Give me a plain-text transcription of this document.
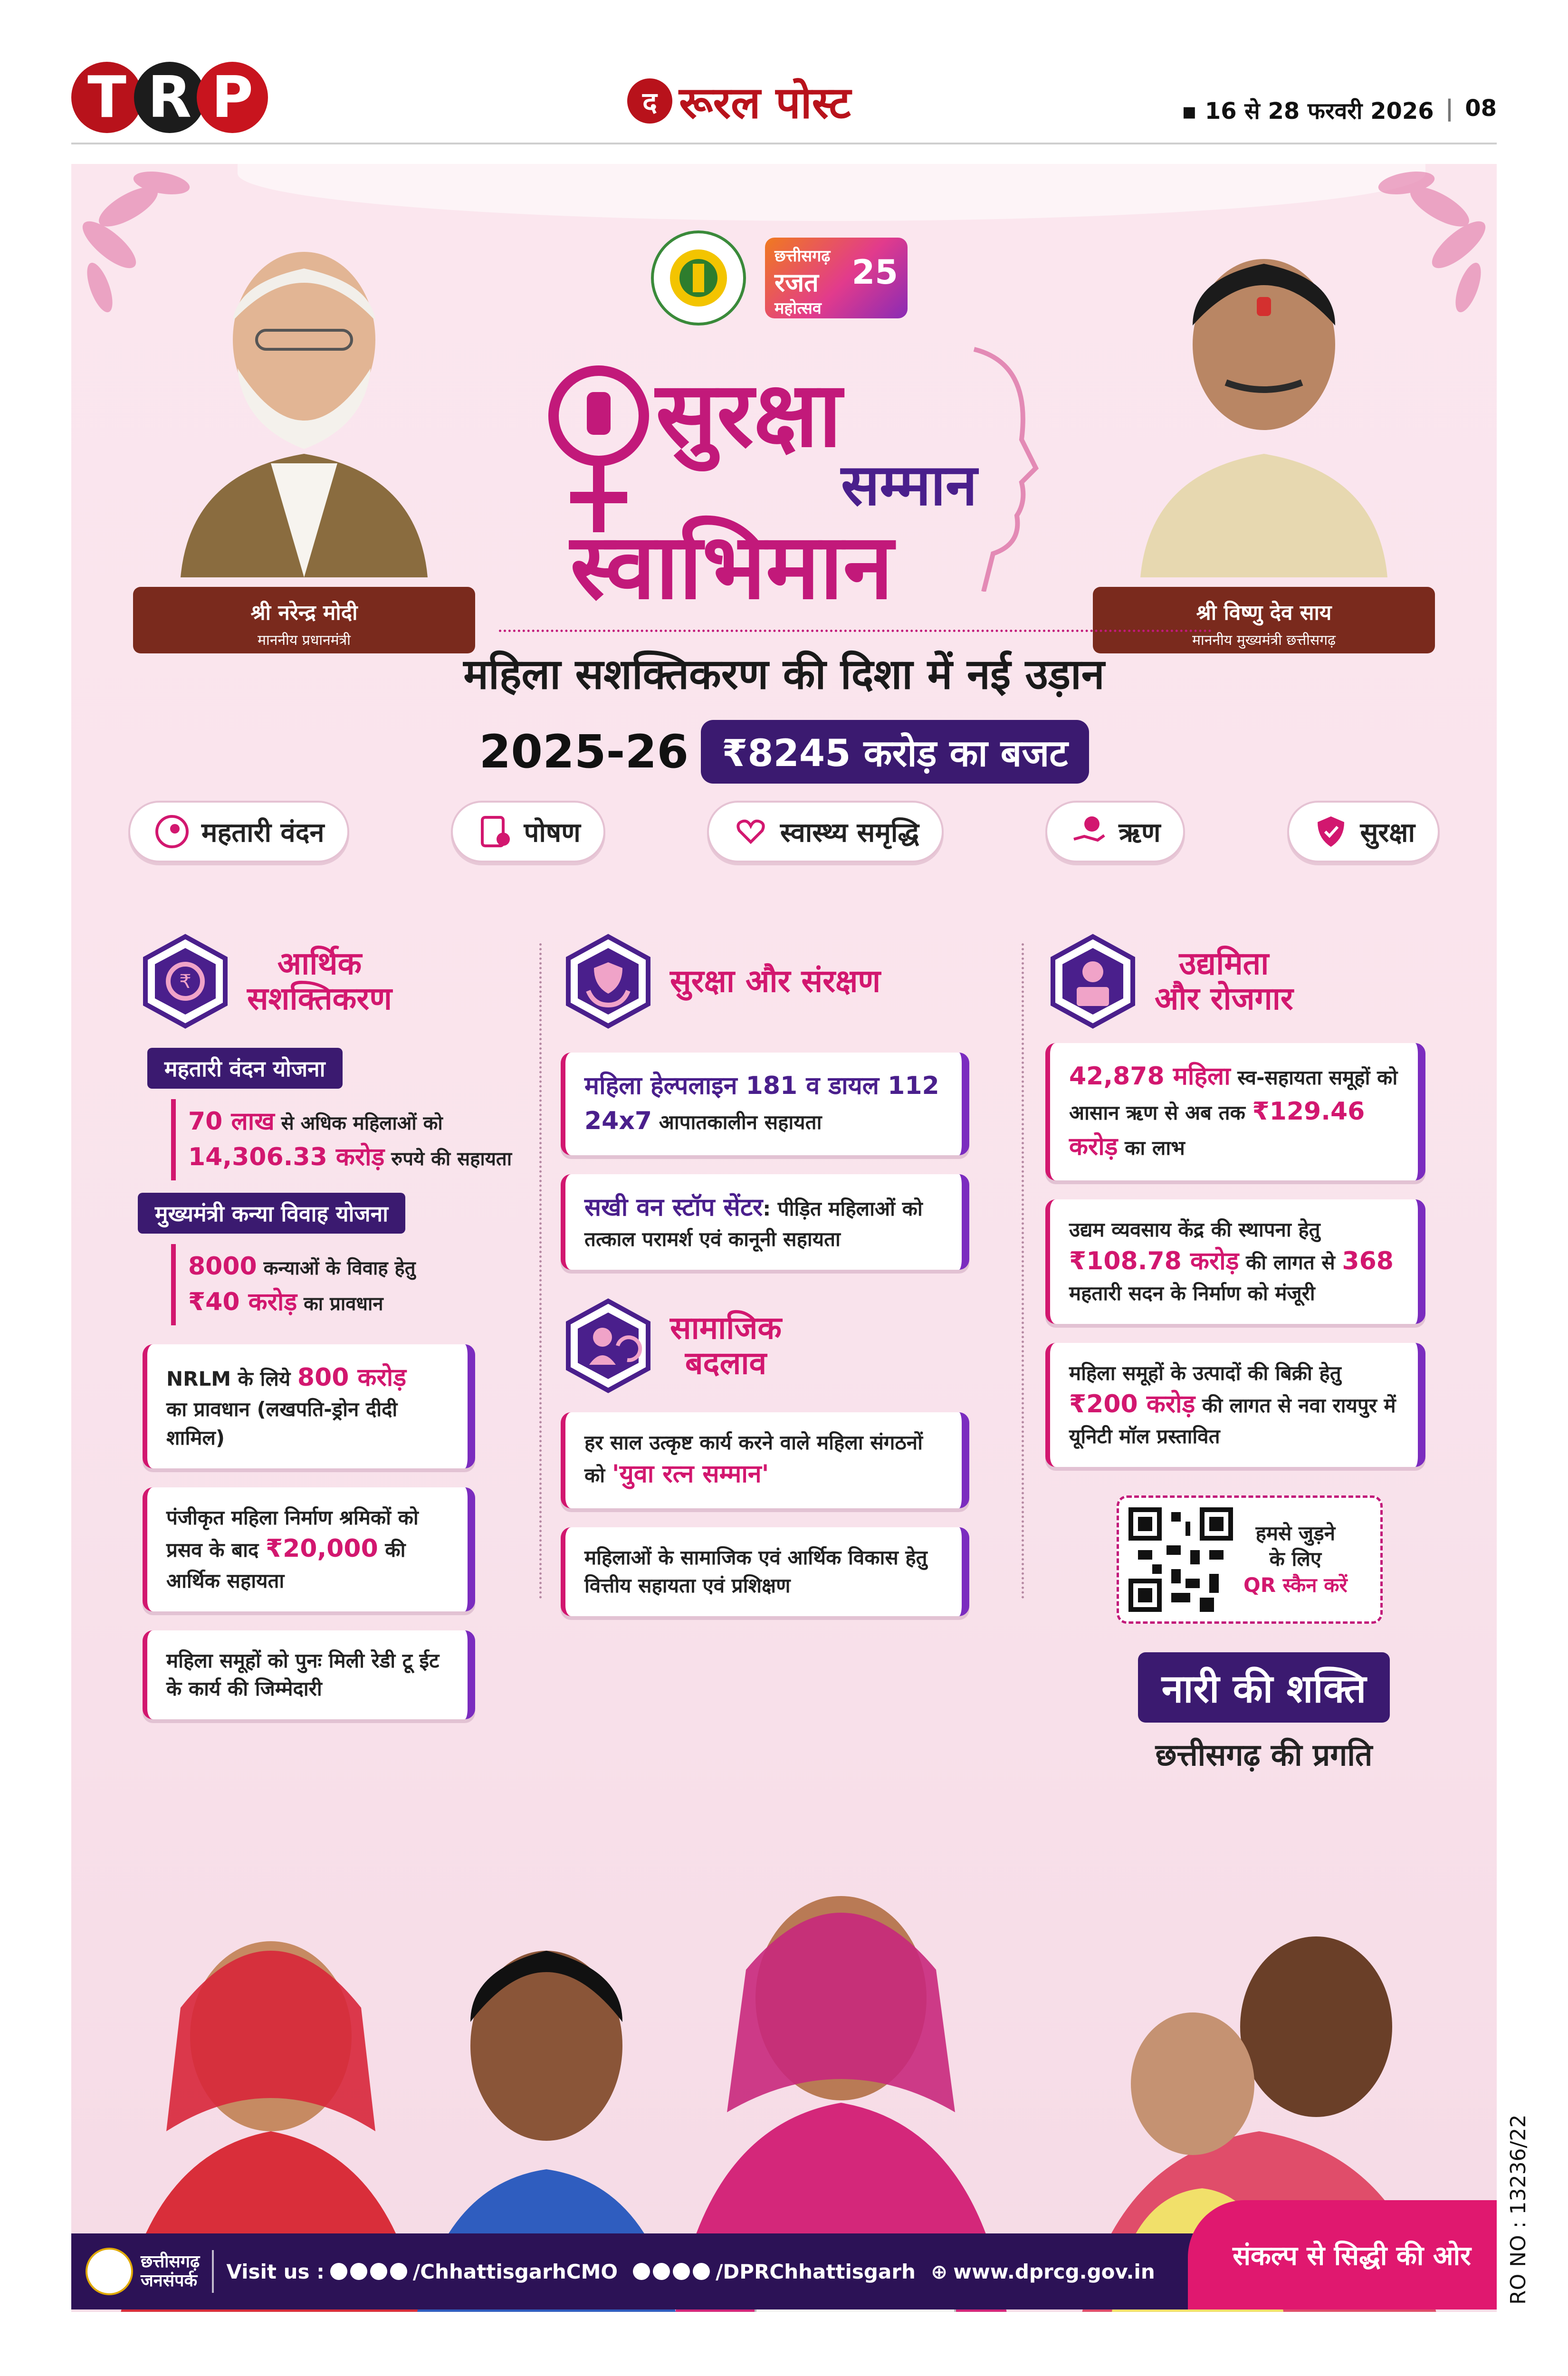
T R P	द रूरल पोस्ट	▪ 16 से 28 फरवरी 2026 | 08
श्री नरेन्द्र मोदी
माननीय प्रधानमंत्री
श्री विष्णु देव साय
माननीय मुख्यमंत्री छत्तीसगढ़
छत्तीसगढ़
रजत
महोत्सव
25
सुरक्षा
सम्मान
स्वाभिमान
महिला सशक्तिकरण की दिशा में नई उड़ान
2025-26 ₹8245 करोड़ का बजट
महतारी वंदन	पोषण	स्वास्थ्य समृद्धि	ऋण	सुरक्षा
₹	आर्थिक
सशक्तिकरण
महतारी वंदन योजना
70 लाख से अधिक महिलाओं को
14,306.33 करोड़ रुपये की सहायता
मुख्यमंत्री कन्या विवाह योजना
8000 कन्याओं के विवाह हेतु
₹40 करोड़ का प्रावधान
NRLM के लिये 800 करोड़
का प्रावधान (लखपति-ड्रोन दीदी शामिल)
पंजीकृत महिला निर्माण श्रमिकों को प्रसव के बाद ₹20,000 की आर्थिक सहायता
महिला समूहों को पुनः मिली रेडी टू ईट के कार्य की जिम्मेदारी
सुरक्षा और संरक्षण
महिला हेल्पलाइन 181 व डायल 112
24x7 आपातकालीन सहायता
सखी वन स्टॉप सेंटर: पीड़ित महिलाओं को तत्काल परामर्श एवं कानूनी सहायता
सामाजिक
बदलाव
हर साल उत्कृष्ट कार्य करने वाले महिला संगठनों को 'युवा रत्न सम्मान'
महिलाओं के सामाजिक एवं आर्थिक विकास हेतु वित्तीय सहायता एवं प्रशिक्षण
उद्यमिता
और रोजगार
42,878 महिला स्व-सहायता समूहों को आसान ऋण से अब तक ₹129.46 करोड़ का लाभ
उद्यम व्यवसाय केंद्र की स्थापना हेतु ₹108.78 करोड़ की लागत से 368 महतारी सदन के निर्माण को मंजूरी
महिला समूहों के उत्पादों की बिक्री हेतु ₹200 करोड़ की लागत से नवा रायपुर में यूनिटी मॉल प्रस्तावित
हमसे जुड़ने
के लिए
QR स्कैन करें
नारी की शक्ति
छत्तीसगढ़ की प्रगति
छत्तीसगढ़
जनसंपर्क Visit us :	/ChhattisgarhCMO	/DPRChhattisgarh ⊕ www.dprcg.gov.in	संकल्प से सिद्धी की ओर	RO NO : 13236/22
